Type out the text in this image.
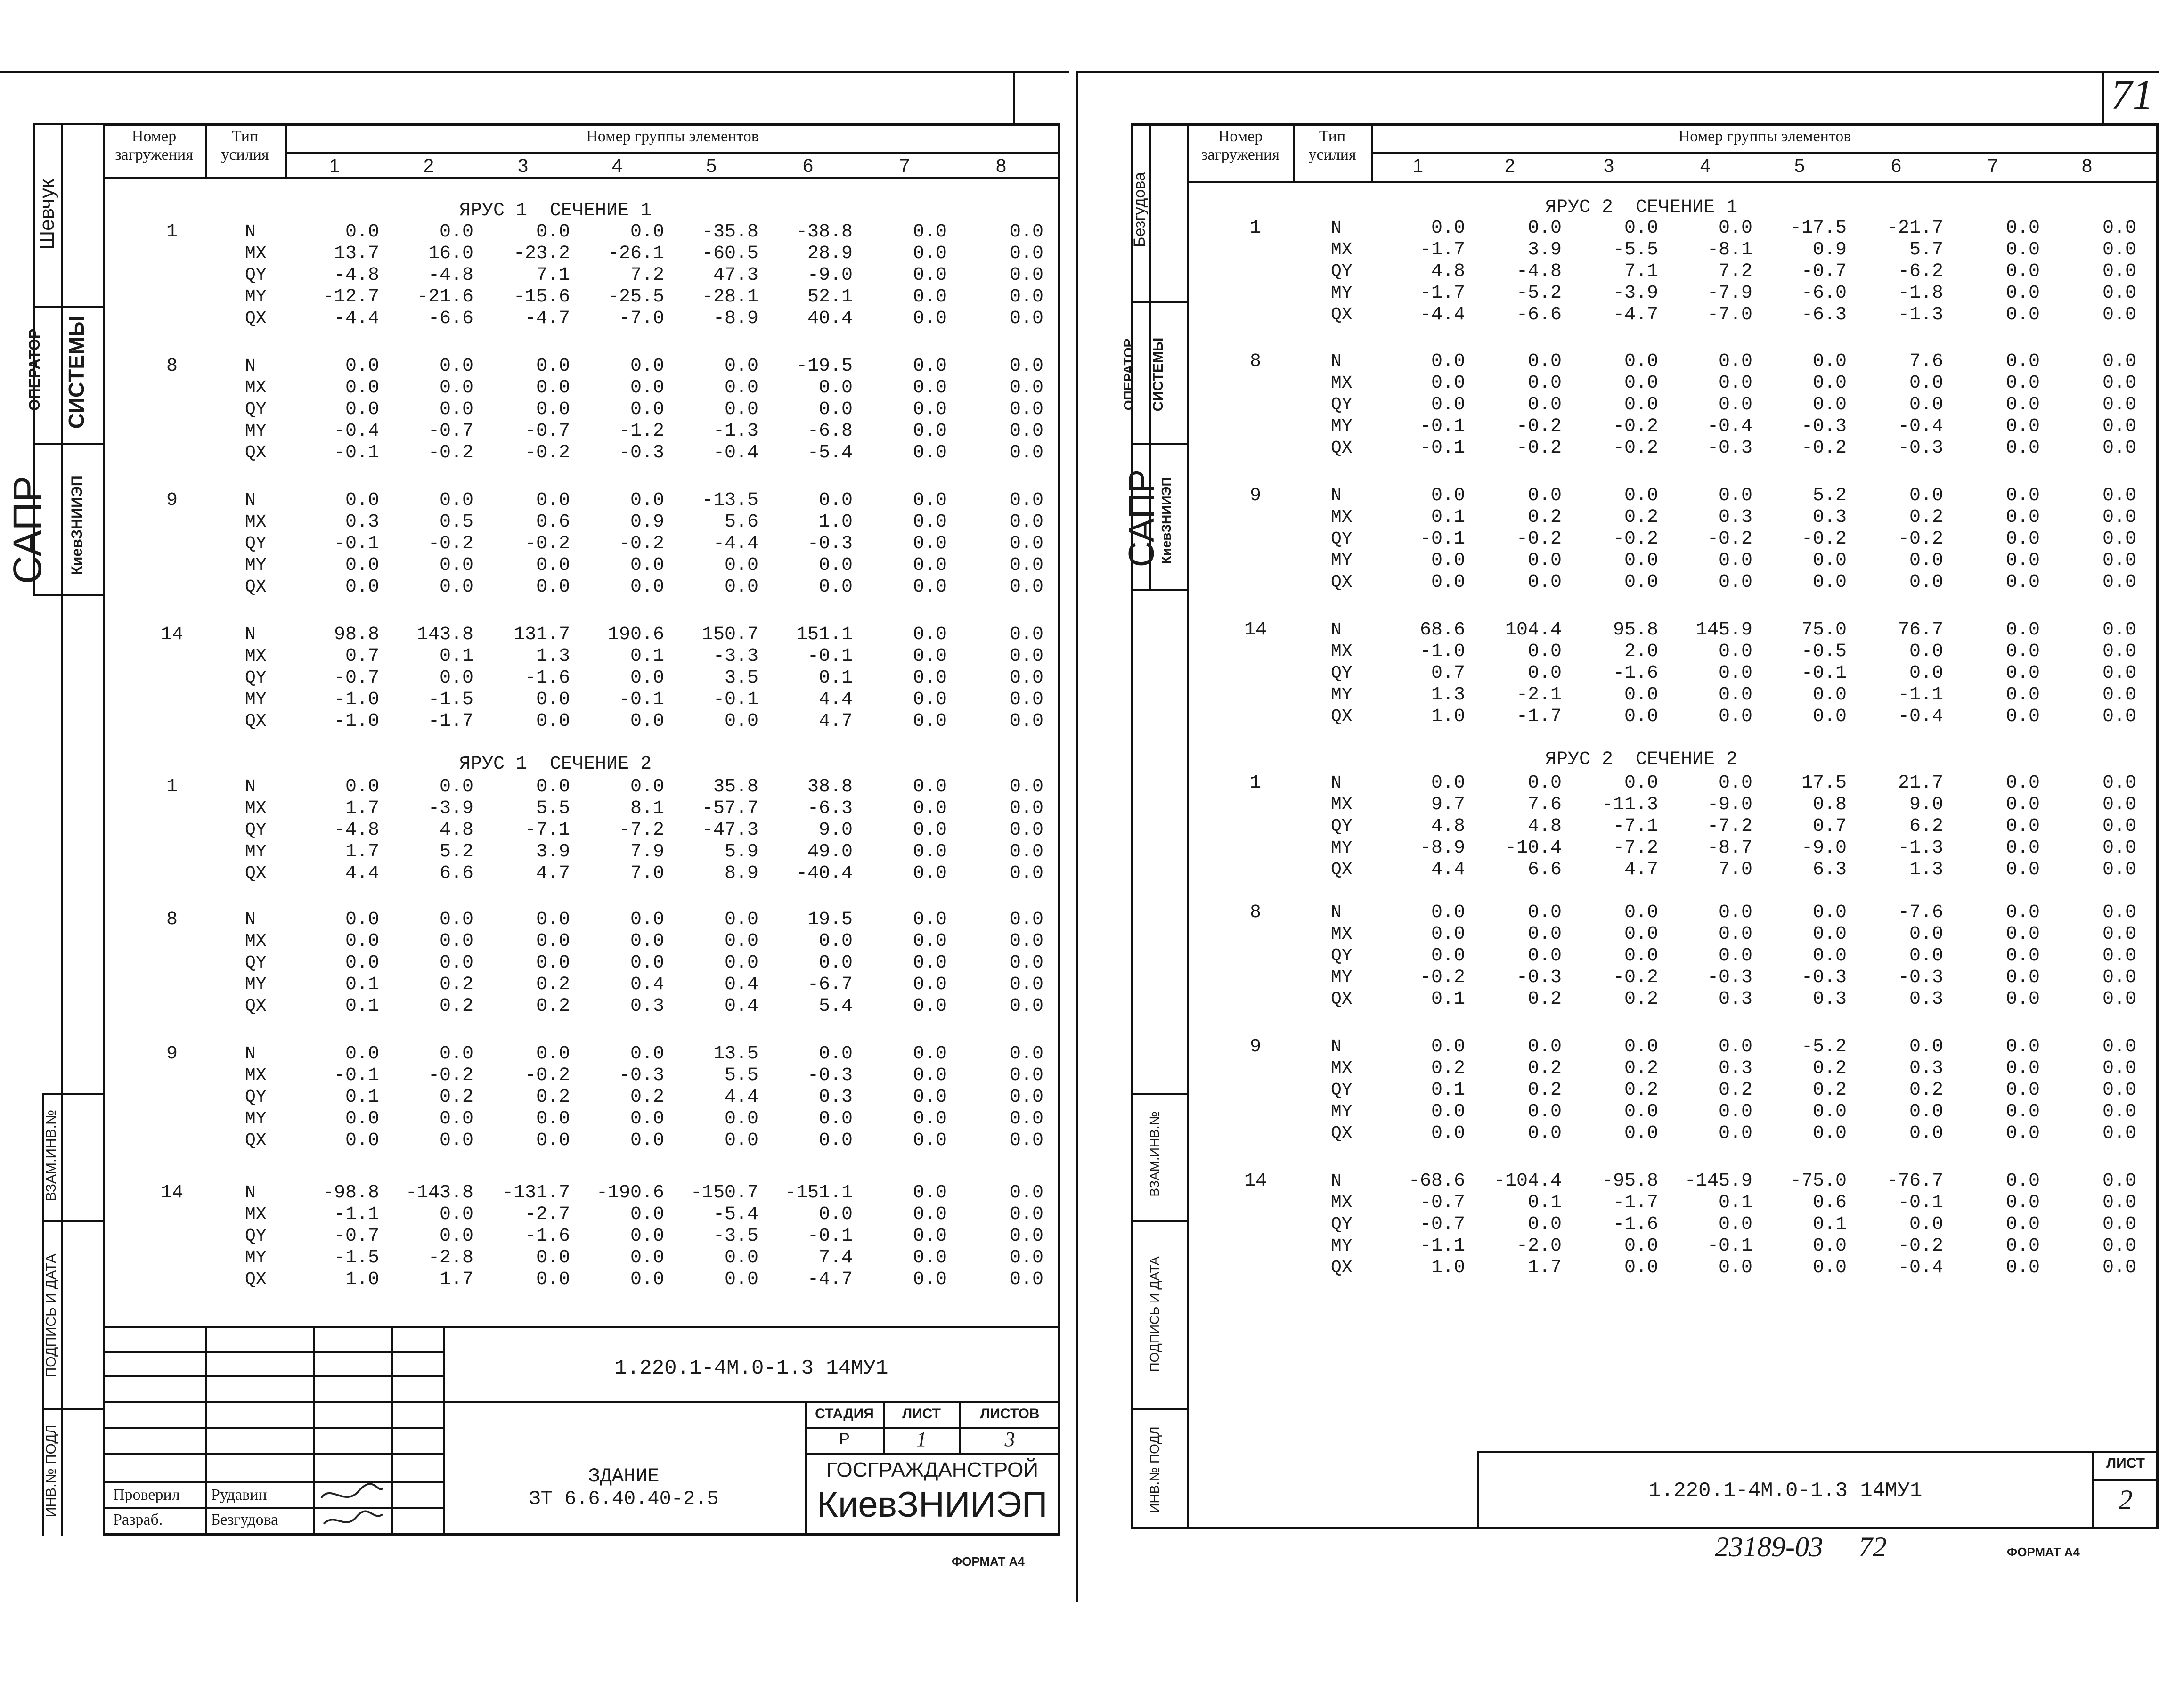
Шевчук
ОПЕРАТОР СИСТЕМЫ
САПР КиевЗНИИЭП
ВЗАМ.ИНВ.№
ПОДПИСЬ И ДАТА
ИНВ.№ ПОДЛ
Номер загружения
Тип усилия
Номер группы элементов
1	2	3	4	5	6	7	8
ЯРУС 1  СЕЧЕНИЕ 1
1	N	0.0	0.0	0.0	0.0	-35.8	-38.8	0.0	0.0
MX	13.7	16.0	-23.2	-26.1	-60.5	28.9	0.0	0.0
QY	-4.8	-4.8	7.1	7.2	47.3	-9.0	0.0	0.0
MY	-12.7	-21.6	-15.6	-25.5	-28.1	52.1	0.0	0.0
QX	-4.4	-6.6	-4.7	-7.0	-8.9	40.4	0.0	0.0
8	N	0.0	0.0	0.0	0.0	0.0	-19.5	0.0	0.0
MX	0.0	0.0	0.0	0.0	0.0	0.0	0.0	0.0
QY	0.0	0.0	0.0	0.0	0.0	0.0	0.0	0.0
MY	-0.4	-0.7	-0.7	-1.2	-1.3	-6.8	0.0	0.0
QX	-0.1	-0.2	-0.2	-0.3	-0.4	-5.4	0.0	0.0
9	N	0.0	0.0	0.0	0.0	-13.5	0.0	0.0	0.0
MX	0.3	0.5	0.6	0.9	5.6	1.0	0.0	0.0
QY	-0.1	-0.2	-0.2	-0.2	-4.4	-0.3	0.0	0.0
MY	0.0	0.0	0.0	0.0	0.0	0.0	0.0	0.0
QX	0.0	0.0	0.0	0.0	0.0	0.0	0.0	0.0
14	N	98.8	143.8	131.7	190.6	150.7	151.1	0.0	0.0
MX	0.7	0.1	1.3	0.1	-3.3	-0.1	0.0	0.0
QY	-0.7	0.0	-1.6	0.0	3.5	0.1	0.0	0.0
MY	-1.0	-1.5	0.0	-0.1	-0.1	4.4	0.0	0.0
QX	-1.0	-1.7	0.0	0.0	0.0	4.7	0.0	0.0
ЯРУС 1  СЕЧЕНИЕ 2
1	N	0.0	0.0	0.0	0.0	35.8	38.8	0.0	0.0
MX	1.7	-3.9	5.5	8.1	-57.7	-6.3	0.0	0.0
QY	-4.8	4.8	-7.1	-7.2	-47.3	9.0	0.0	0.0
MY	1.7	5.2	3.9	7.9	5.9	49.0	0.0	0.0
QX	4.4	6.6	4.7	7.0	8.9	-40.4	0.0	0.0
8	N	0.0	0.0	0.0	0.0	0.0	19.5	0.0	0.0
MX	0.0	0.0	0.0	0.0	0.0	0.0	0.0	0.0
QY	0.0	0.0	0.0	0.0	0.0	0.0	0.0	0.0
MY	0.1	0.2	0.2	0.4	0.4	-6.7	0.0	0.0
QX	0.1	0.2	0.2	0.3	0.4	5.4	0.0	0.0
9	N	0.0	0.0	0.0	0.0	13.5	0.0	0.0	0.0
MX	-0.1	-0.2	-0.2	-0.3	5.5	-0.3	0.0	0.0
QY	0.1	0.2	0.2	0.2	4.4	0.3	0.0	0.0
MY	0.0	0.0	0.0	0.0	0.0	0.0	0.0	0.0
QX	0.0	0.0	0.0	0.0	0.0	0.0	0.0	0.0
14	N	-98.8	-143.8	-131.7	-190.6	-150.7	-151.1	0.0	0.0
MX	-1.1	0.0	-2.7	0.0	-5.4	0.0	0.0	0.0
QY	-0.7	0.0	-1.6	0.0	-3.5	-0.1	0.0	0.0
MY	-1.5	-2.8	0.0	0.0	0.0	7.4	0.0	0.0
QX	1.0	1.7	0.0	0.0	0.0	-4.7	0.0	0.0
1.220.1-4M.0-1.3 14МУ1
СТАДИЯ	ЛИСТ	ЛИСТОВ
Р	1	3
ЗДАНИЕ
ЗТ 6.6.40.40-2.5
ГОСГРАЖДАНСТРОЙ
КиевЗНИИЭП
Проверил Рудавин
Разраб.	Безгудова
ФОРМАТ А4
71
Безгудова
ОПЕРАТОР	СИСТЕМЫ
САПР
КиевЗНИИЭП
ВЗАМ.ИНВ.№
ПОДПИСЬ И ДАТА
ИНВ.№ ПОДЛ
Номер загружения
Тип усилия
Номер группы элементов
1	2	3	4	5	6	7	8
ЯРУС 2  СЕЧЕНИЕ 1
1	N	0.0	0.0	0.0	0.0	-17.5	-21.7	0.0	0.0
MX	-1.7	3.9	-5.5	-8.1	0.9	5.7	0.0	0.0
QY	4.8	-4.8	7.1	7.2	-0.7	-6.2	0.0	0.0
MY	-1.7	-5.2	-3.9	-7.9	-6.0	-1.8	0.0	0.0
QX	-4.4	-6.6	-4.7	-7.0	-6.3	-1.3	0.0	0.0
8	N	0.0	0.0	0.0	0.0	0.0	7.6	0.0	0.0
MX	0.0	0.0	0.0	0.0	0.0	0.0	0.0	0.0
QY	0.0	0.0	0.0	0.0	0.0	0.0	0.0	0.0
MY	-0.1	-0.2	-0.2	-0.4	-0.3	-0.4	0.0	0.0
QX	-0.1	-0.2	-0.2	-0.3	-0.2	-0.3	0.0	0.0
9	N	0.0	0.0	0.0	0.0	5.2	0.0	0.0	0.0
MX	0.1	0.2	0.2	0.3	0.3	0.2	0.0	0.0
QY	-0.1	-0.2	-0.2	-0.2	-0.2	-0.2	0.0	0.0
MY	0.0	0.0	0.0	0.0	0.0	0.0	0.0	0.0
QX	0.0	0.0	0.0	0.0	0.0	0.0	0.0	0.0
14	N	68.6	104.4	95.8	145.9	75.0	76.7	0.0	0.0
MX	-1.0	0.0	2.0	0.0	-0.5	0.0	0.0	0.0
QY	0.7	0.0	-1.6	0.0	-0.1	0.0	0.0	0.0
MY	1.3	-2.1	0.0	0.0	0.0	-1.1	0.0	0.0
QX	1.0	-1.7	0.0	0.0	0.0	-0.4	0.0	0.0
ЯРУС 2  СЕЧЕНИЕ 2
1	N	0.0	0.0	0.0	0.0	17.5	21.7	0.0	0.0
MX	9.7	7.6	-11.3	-9.0	0.8	9.0	0.0	0.0
QY	4.8	4.8	-7.1	-7.2	0.7	6.2	0.0	0.0
MY	-8.9	-10.4	-7.2	-8.7	-9.0	-1.3	0.0	0.0
QX	4.4	6.6	4.7	7.0	6.3	1.3	0.0	0.0
8	N	0.0	0.0	0.0	0.0	0.0	-7.6	0.0	0.0
MX	0.0	0.0	0.0	0.0	0.0	0.0	0.0	0.0
QY	0.0	0.0	0.0	0.0	0.0	0.0	0.0	0.0
MY	-0.2	-0.3	-0.2	-0.3	-0.3	-0.3	0.0	0.0
QX	0.1	0.2	0.2	0.3	0.3	0.3	0.0	0.0
9	N	0.0	0.0	0.0	0.0	-5.2	0.0	0.0	0.0
MX	0.2	0.2	0.2	0.3	0.2	0.3	0.0	0.0
QY	0.1	0.2	0.2	0.2	0.2	0.2	0.0	0.0
MY	0.0	0.0	0.0	0.0	0.0	0.0	0.0	0.0
QX	0.0	0.0	0.0	0.0	0.0	0.0	0.0	0.0
14	N	-68.6	-104.4	-95.8	-145.9	-75.0	-76.7	0.0	0.0
MX	-0.7	0.1	-1.7	0.1	0.6	-0.1	0.0	0.0
QY	-0.7	0.0	-1.6	0.0	0.1	0.0	0.0	0.0
MY	-1.1	-2.0	0.0	-0.1	0.0	-0.2	0.0	0.0
QX	1.0	1.7	0.0	0.0	0.0	-0.4	0.0	0.0
1.220.1-4M.0-1.3 14МУ1
ЛИСТ
2
23189-03 72	ФОРМАТ А4
